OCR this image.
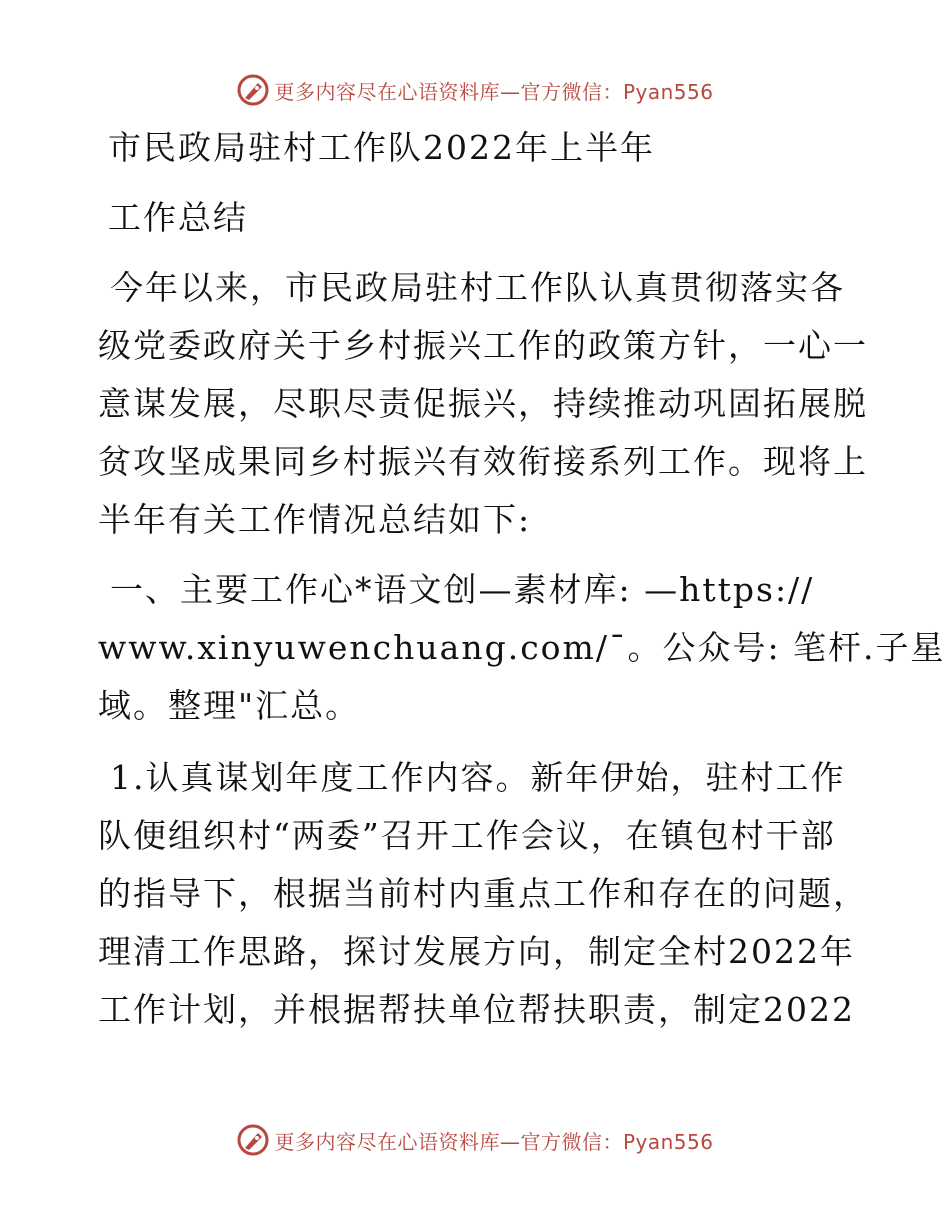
更多内容尽在心语资料库—官方微信：Pyan556
市民政局驻村工作队2022年上半年
工作总结
今年以来，市民政局驻村工作队认真贯彻落实各
级党委政府关于乡村振兴工作的政策方针，一心一
意谋发展，尽职尽责促振兴，持续推动巩固拓展脱
贫攻坚成果同乡村振兴有效衔接系列工作。现将上
半年有关工作情况总结如下:
一、主要工作心*语文创—素材库: —https://
www.xinyuwenchuang.com/¯。公众号: 笔杆.子星
域。整理"汇总。
1.认真谋划年度工作内容。新年伊始，驻村工作
队便组织村“两委”召开工作会议，在镇包村干部
的指导下，根据当前村内重点工作和存在的问题，
理清工作思路，探讨发展方向，制定全村2022年
工作计划，并根据帮扶单位帮扶职责，制定2022
更多内容尽在心语资料库—官方微信：Pyan556
